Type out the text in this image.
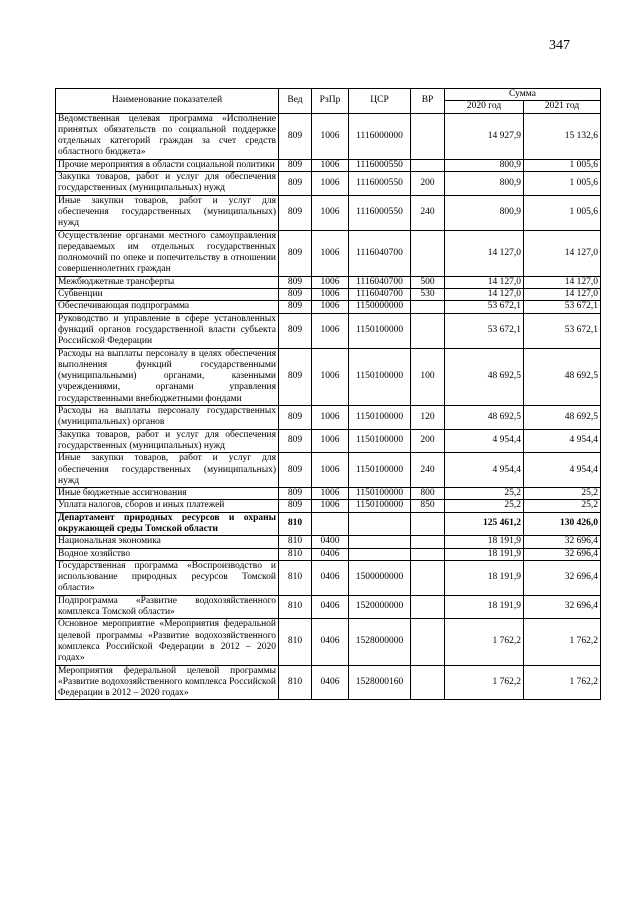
347
Наименование показателей	Вед	РзПр	ЦСР	ВР	Сумма	
					2020 год	2021 год
Ведомственная целевая программа «Исполнение принятых обязательств по социальной поддержке отдельных категорий граждан за счет средств областного бюджета»	809	1006	1116000000		14 927,9	15 132,6
Прочие мероприятия в области социальной политики	809	1006	1116000550		800,9	1 005,6
Закупка товаров, работ и услуг для обеспечения государственных (муниципальных) нужд	809	1006	1116000550	200	800,9	1 005,6
Иные закупки товаров, работ и услуг для обеспечения государственных (муниципальных) нужд	809	1006	1116000550	240	800,9	1 005,6
Осуществление органами местного самоуправления передаваемых им отдельных государственных полномочий по опеке и попечительству в отношении совершеннолетних граждан	809	1006	1116040700		14 127,0	14 127,0
Межбюджетные трансферты	809	1006	1116040700	500	14 127,0	14 127,0
Субвенции	809	1006	1116040700	530	14 127,0	14 127,0
Обеспечивающая подпрограмма	809	1006	1150000000		53 672,1	53 672,1
Руководство и управление в сфере установленных функций органов государственной власти субъекта Российской Федерации	809	1006	1150100000		53 672,1	53 672,1
Расходы на выплаты персоналу в целях обеспечения выполнения функций государственными (муниципальными) органами, казенными учреждениями, органами управления государственными внебюджетными фондами	809	1006	1150100000	100	48 692,5	48 692,5
Расходы на выплаты персоналу государственных (муниципальных) органов	809	1006	1150100000	120	48 692,5	48 692,5
Закупка товаров, работ и услуг для обеспечения государственных (муниципальных) нужд	809	1006	1150100000	200	4 954,4	4 954,4
Иные закупки товаров, работ и услуг для обеспечения государственных (муниципальных) нужд	809	1006	1150100000	240	4 954,4	4 954,4
Иные бюджетные ассигнования	809	1006	1150100000	800	25,2	25,2
Уплата налогов, сборов и иных платежей	809	1006	1150100000	850	25,2	25,2
Департамент природных ресурсов и охраны окружающей среды Томской области	810				125 461,2	130 426,0
Национальная экономика	810	0400			18 191,9	32 696,4
Водное хозяйство	810	0406			18 191,9	32 696,4
Государственная программа «Воспроизводство и использование природных ресурсов Томской области»	810	0406	1500000000		18 191,9	32 696,4
Подпрограмма «Развитие водохозяйственного комплекса Томской области»	810	0406	1520000000		18 191,9	32 696,4
Основное мероприятие «Мероприятия федеральной целевой программы «Развитие водохозяйственного комплекса Российской Федерации в 2012 – 2020 годах»	810	0406	1528000000		1 762,2	1 762,2
Мероприятия федеральной целевой программы «Развитие водохозяйственного комплекса Российской Федерации в 2012 – 2020 годах»	810	0406	1528000160		1 762,2	1 762,2
